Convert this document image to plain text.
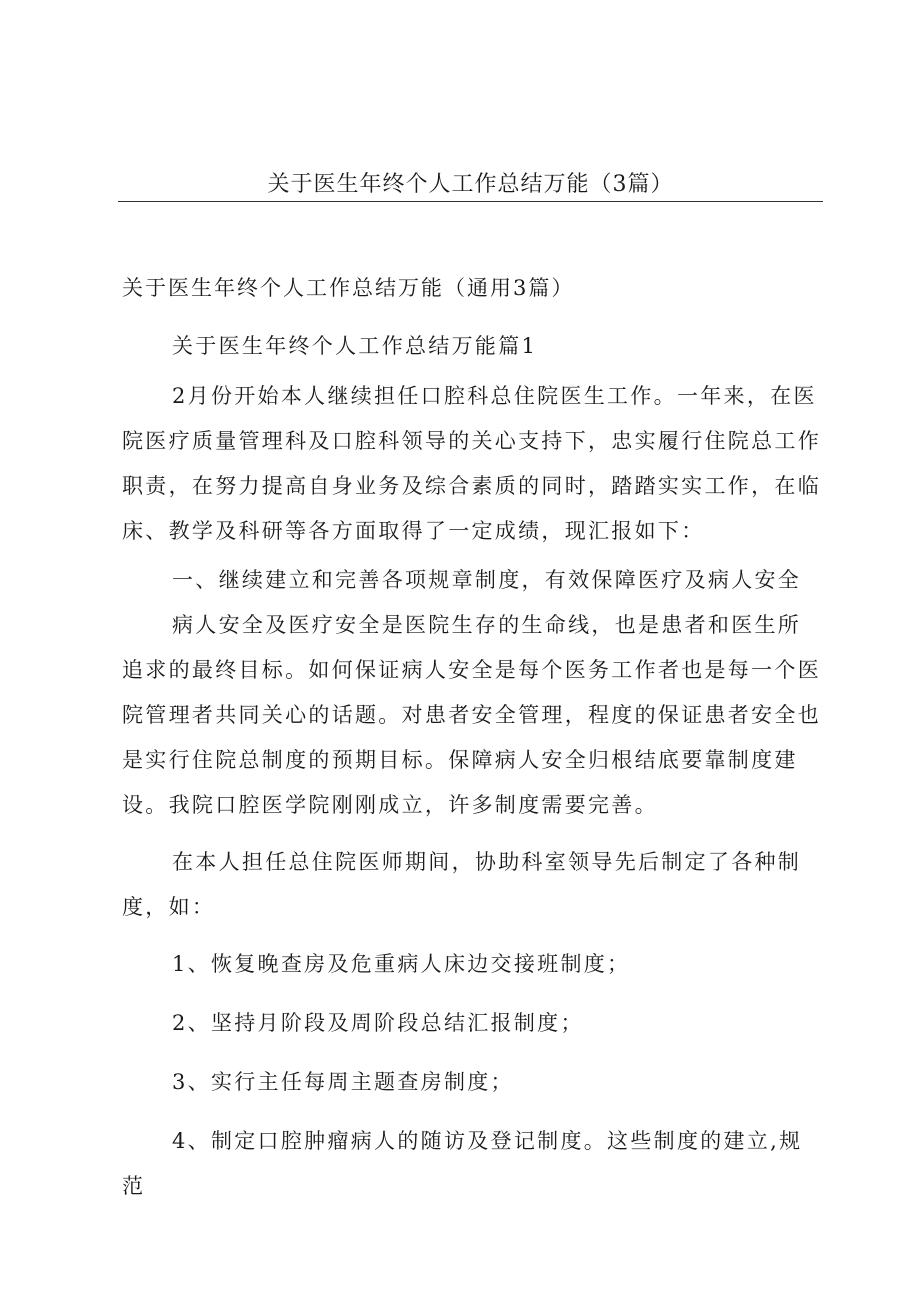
关于医生年终个人工作总结万能（3篇）

关于医生年终个人工作总结万能（通用3篇）

关于医生年终个人工作总结万能篇1

2月份开始本人继续担任口腔科总住院医生工作。一年来，在医院医疗质量管理科及口腔科领导的关心支持下，忠实履行住院总工作职责，在努力提高自身业务及综合素质的同时，踏踏实实工作，在临床、教学及科研等各方面取得了一定成绩，现汇报如下：

一、继续建立和完善各项规章制度，有效保障医疗及病人安全

病人安全及医疗安全是医院生存的生命线，也是患者和医生所追求的最终目标。如何保证病人安全是每个医务工作者也是每一个医院管理者共同关心的话题。对患者安全管理，程度的保证患者安全也是实行住院总制度的预期目标。保障病人安全归根结底要靠制度建设。我院口腔医学院刚刚成立，许多制度需要完善。

在本人担任总住院医师期间，协助科室领导先后制定了各种制度，如：

1、恢复晚查房及危重病人床边交接班制度；

2、坚持月阶段及周阶段总结汇报制度；

3、实行主任每周主题查房制度；

4、制定口腔肿瘤病人的随访及登记制度。这些制度的建立,规范
